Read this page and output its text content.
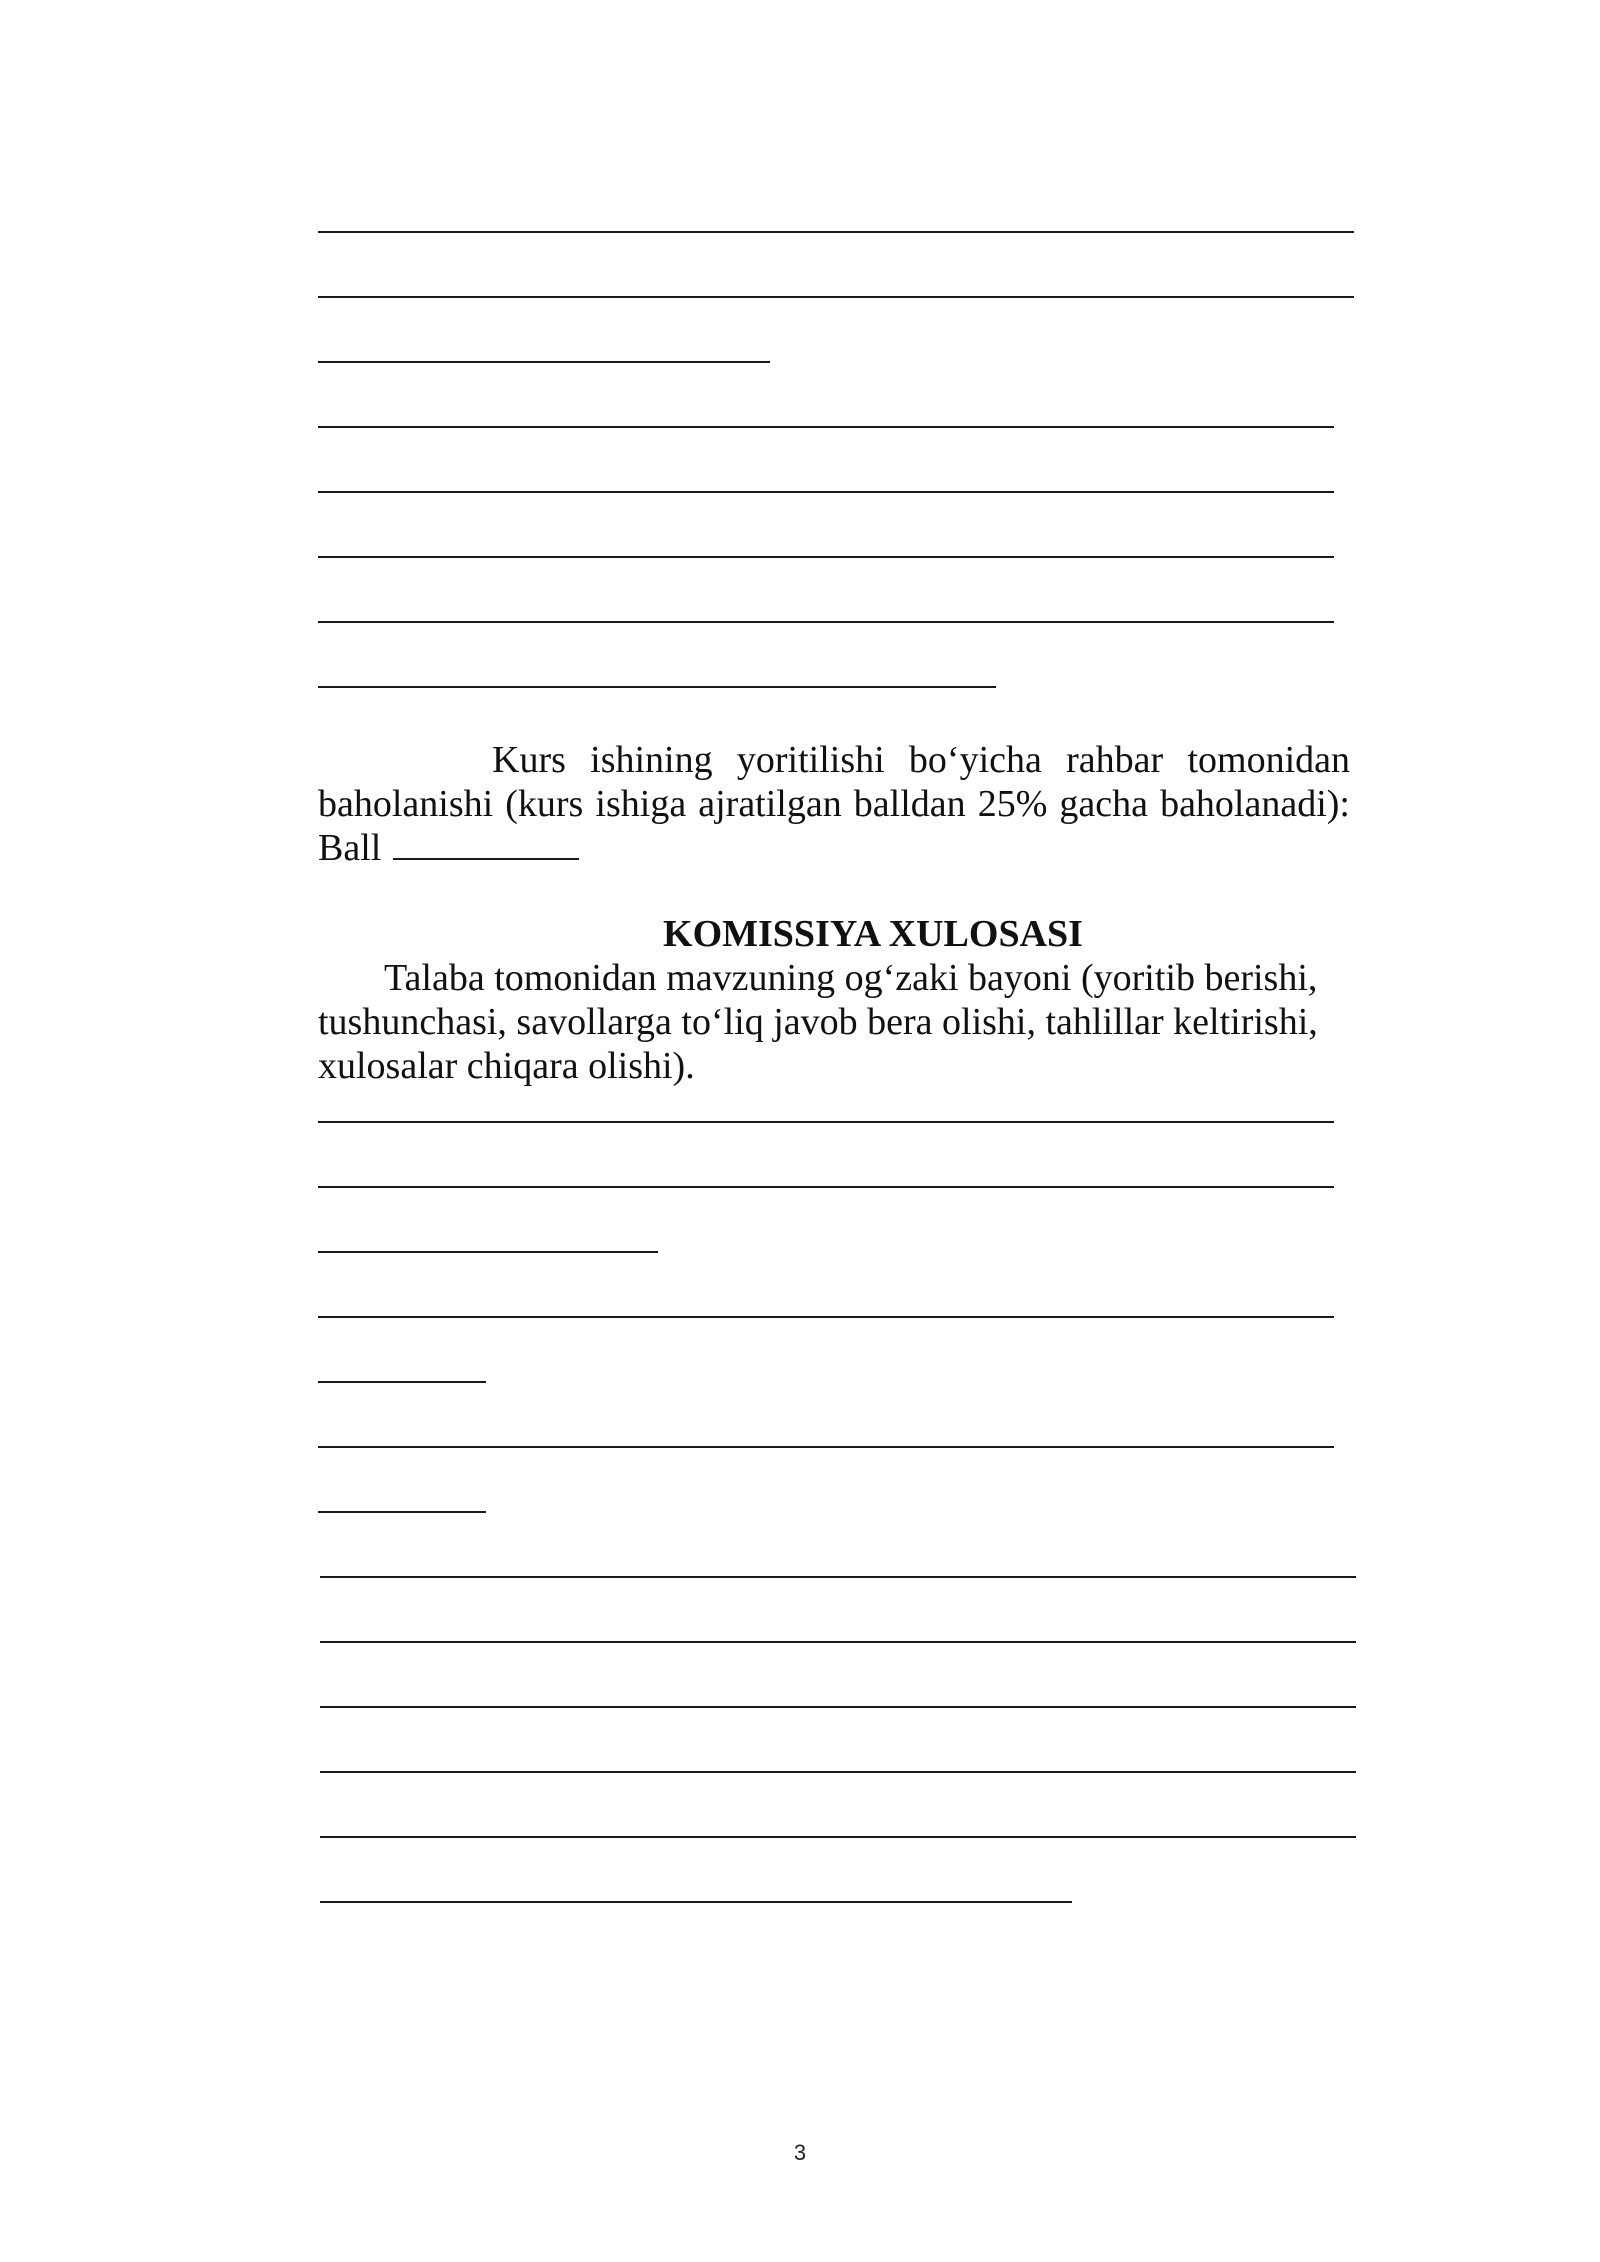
Kurs ishining yoritilishi bo‘yicha rahbar tomonidan

baholanishi (kurs ishiga ajratilgan balldan 25% gacha baholanadi):

Ball
KOMISSIYA XULOSASI

Talaba tomonidan mavzuning og‘zaki bayoni (yoritib berishi,
tushunchasi, savollarga to‘liq javob bera olishi, tahlillar keltirishi,
xulosalar chiqara olishi).

3
